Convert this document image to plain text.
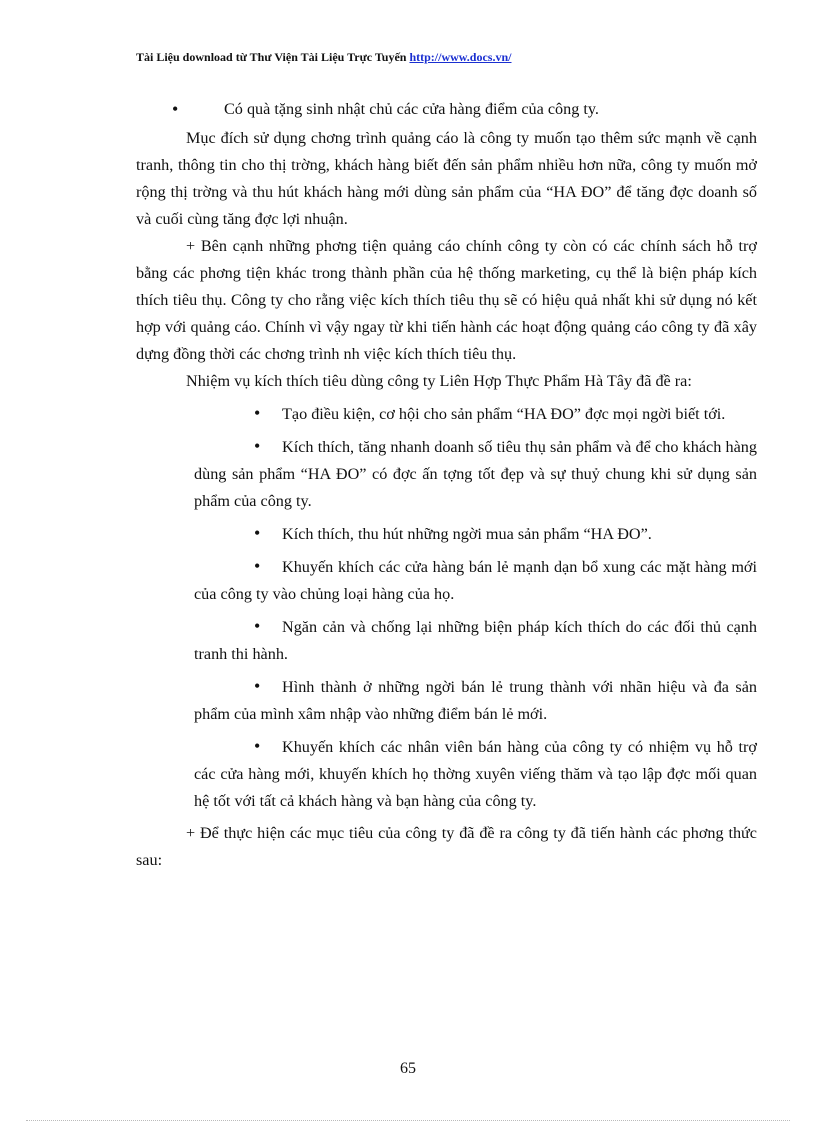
Tài Liệu download từ Thư Viện Tài Liệu Trực Tuyến http://www.docs.vn/

•	Có quà tặng sinh nhật chủ các cửa hàng điểm của công ty.

Mục đích sử dụng chơng trình quảng cáo là công ty muốn tạo thêm sức mạnh về cạnh tranh, thông tin cho thị trờng, khách hàng biết đến sản phẩm nhiều hơn nữa, công ty muốn mở rộng thị trờng và thu hút khách hàng mới dùng sản phẩm của “HA ĐO” để tăng đợc doanh số và cuối cùng tăng đợc lợi nhuận.

+ Bên cạnh những phơng tiện quảng cáo chính công ty còn có các chính sách hỗ trợ bằng các phơng tiện khác trong thành phần của hệ thống marketing, cụ thể là biện pháp kích thích tiêu thụ. Công ty cho rằng việc kích thích tiêu thụ sẽ có hiệu quả nhất khi sử dụng nó kết hợp với quảng cáo. Chính vì vậy ngay từ khi tiến hành các hoạt động quảng cáo công ty đã xây dựng đồng thời các chơng trình nh việc kích thích tiêu thụ.

Nhiệm vụ kích thích tiêu dùng công ty Liên Hợp Thực Phẩm Hà Tây đã đề ra:

• Tạo điều kiện, cơ hội cho sản phẩm “HA ĐO” đợc mọi ngời biết tới.

• Kích thích, tăng nhanh doanh số tiêu thụ sản phẩm và để cho khách hàng dùng sản phẩm “HA ĐO” có đợc ấn tợng tốt đẹp và sự thuỷ chung khi sử dụng sản phẩm của công ty.

• Kích thích, thu hút những ngời mua sản phẩm “HA ĐO”.

• Khuyến khích các cửa hàng bán lẻ mạnh dạn bổ xung các mặt hàng mới của công ty vào chủng loại hàng của họ.

• Ngăn cản và chống lại những biện pháp kích thích do các đối thủ cạnh tranh thi hành.

• Hình thành ở những ngời bán lẻ trung thành với nhãn hiệu và đa sản phẩm của mình xâm nhập vào những điểm bán lẻ mới.

• Khuyến khích các nhân viên bán hàng của công ty có nhiệm vụ hỗ trợ các cửa hàng mới, khuyến khích họ thờng xuyên viếng thăm và tạo lập đợc mối quan hệ tốt với tất cả khách hàng và bạn hàng của công ty.

+ Để thực hiện các mục tiêu của công ty đã đề ra công ty đã tiến hành các phơng thức sau:

65
